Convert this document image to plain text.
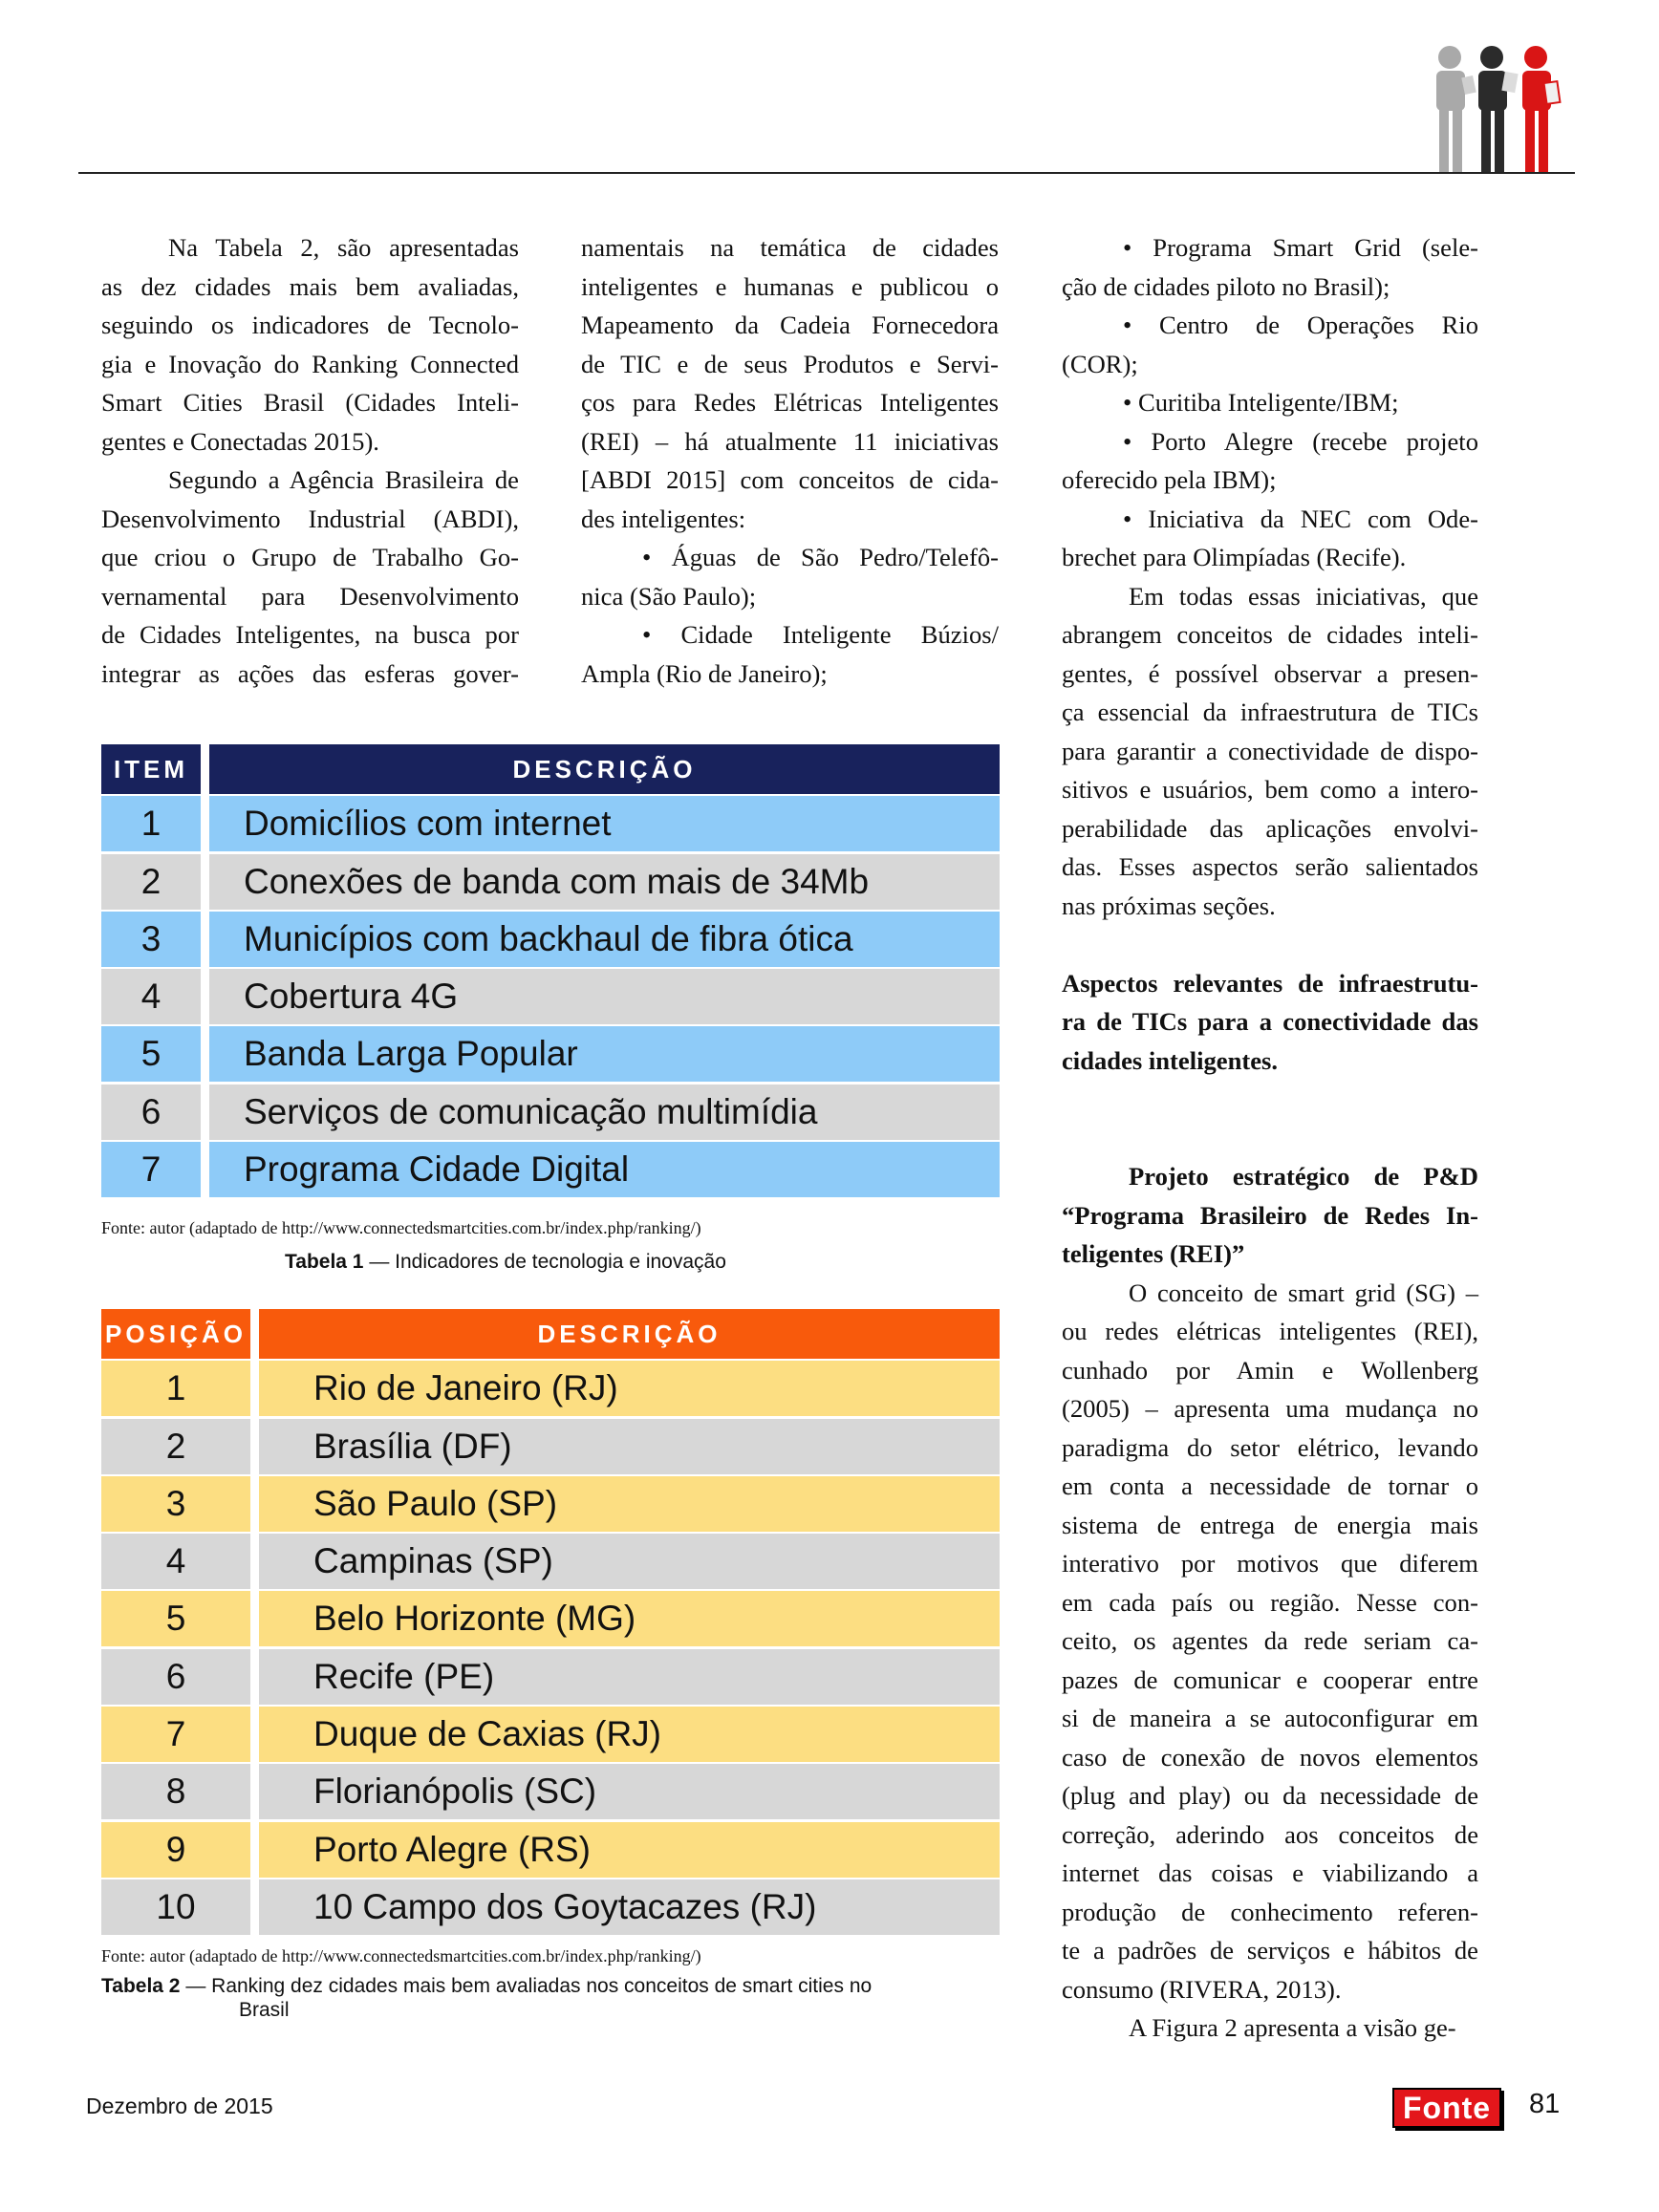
Na Tabela 2, são apresentadas

as dez cidades mais bem avaliadas,

seguindo os indicadores de Tecnolo-

gia e Inovação do Ranking Connected

Smart Cities Brasil (Cidades Inteli-

gentes e Conectadas 2015).

Segundo a Agência Brasileira de

Desenvolvimento Industrial (ABDI),

que criou o Grupo de Trabalho Go-

vernamental para Desenvolvimento

de Cidades Inteligentes, na busca por

integrar as ações das esferas gover-

namentais na temática de cidades

inteligentes e humanas e publicou o

Mapeamento da Cadeia Fornecedora

de TIC e de seus Produtos e Servi-

ços para Redes Elétricas Inteligentes

(REI) – há atualmente 11 iniciativas

[ABDI 2015] com conceitos de cida-

des inteligentes:

• Águas de São Pedro/Telefô-

nica (São Paulo);

• Cidade Inteligente Búzios/

Ampla (Rio de Janeiro);

• Programa Smart Grid (sele-

ção de cidades piloto no Brasil);

• Centro de Operações Rio

(COR);

• Curitiba Inteligente/IBM;

• Porto Alegre (recebe projeto

oferecido pela IBM);

• Iniciativa da NEC com Ode-

brechet para Olimpíadas (Recife).

Em todas essas iniciativas, que

abrangem conceitos de cidades inteli-

gentes, é possível observar a presen-

ça essencial da infraestrutura de TICs

para garantir a conectividade de dispo-

sitivos e usuários, bem como a intero-

perabilidade das aplicações envolvi-

das. Esses aspectos serão salientados

nas próximas seções.

Aspectos relevantes de infraestrutu-

ra de TICs para a conectividade das

cidades inteligentes.

Projeto estratégico de P&D

“Programa Brasileiro de Redes In-

teligentes (REI)”

O conceito de smart grid (SG) –

ou redes elétricas inteligentes (REI),

cunhado por Amin e Wollenberg

(2005) – apresenta uma mudança no

paradigma do setor elétrico, levando

em conta a necessidade de tornar o

sistema de entrega de energia mais

interativo por motivos que diferem

em cada país ou região. Nesse con-

ceito, os agentes da rede seriam ca-

pazes de comunicar e cooperar entre

si de maneira a se autoconfigurar em

caso de conexão de novos elementos

(plug and play) ou da necessidade de

correção, aderindo aos conceitos de

internet das coisas e viabilizando a

produção de conhecimento referen-

te a padrões de serviços e hábitos de

consumo (RIVERA, 2013).

A Figura 2 apresenta a visão ge-

ITEM	DESCRIÇÃO
1	Domicílios com internet
2	Conexões de banda com mais de 34Mb
3	Municípios com backhaul de fibra ótica
4	Cobertura 4G
5	Banda Larga Popular
6	Serviços de comunicação multimídia
7	Programa Cidade Digital
Fonte: autor (adaptado de http://www.connectedsmartcities.com.br/index.php/ranking/)
Tabela 1 — Indicadores de tecnologia e inovação
POSIÇÃO	DESCRIÇÃO
1	Rio de Janeiro (RJ)
2	Brasília (DF)
3	São Paulo (SP)
4	Campinas (SP)
5	Belo Horizonte (MG)
6	Recife (PE)
7	Duque de Caxias (RJ)
8	Florianópolis (SC)
9	Porto Alegre (RS)
10	10 Campo dos Goytacazes (RJ)
Fonte: autor (adaptado de http://www.connectedsmartcities.com.br/index.php/ranking/)
Tabela 2 — Ranking dez cidades mais bem avaliadas nos conceitos de smart cities no
Brasil
Dezembro de 2015	Fonte	81
